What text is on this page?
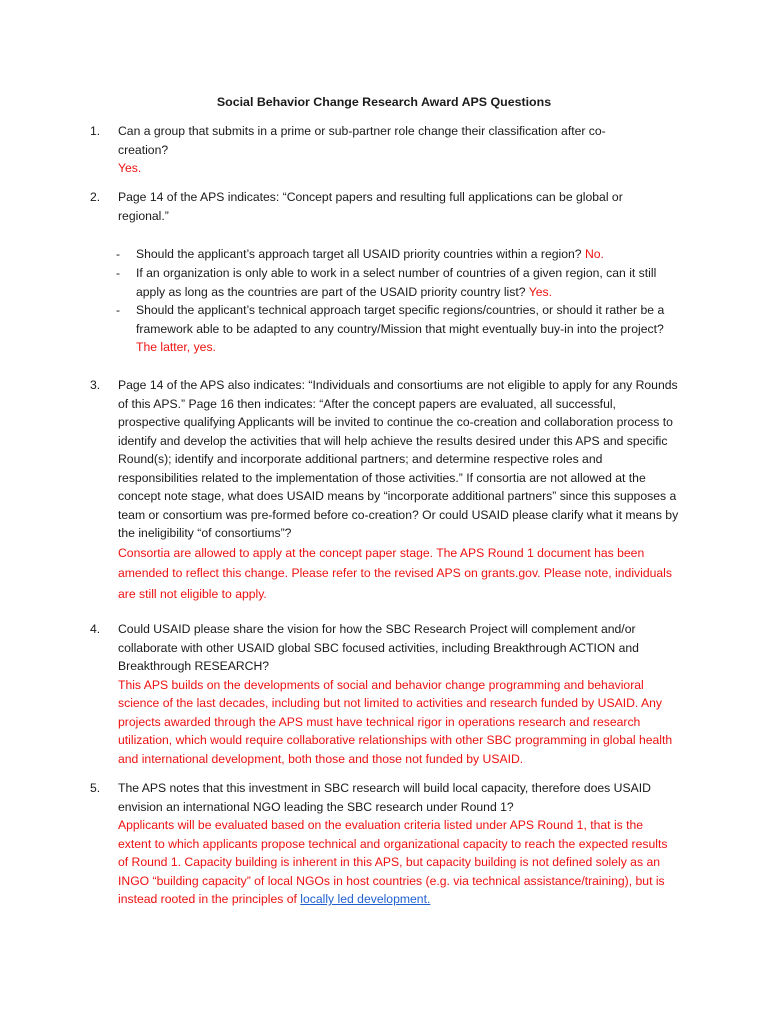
Social Behavior Change Research Award APS Questions
1. Can a group that submits in a prime or sub-partner role change their classification after co-creation?
Yes.
2. Page 14 of the APS indicates: “Concept papers and resulting full applications can be global or regional.”
- Should the applicant’s approach target all USAID priority countries within a region? No.
- If an organization is only able to work in a select number of countries of a given region, can it still apply as long as the countries are part of the USAID priority country list? Yes.
- Should the applicant’s technical approach target specific regions/countries, or should it rather be a framework able to be adapted to any country/Mission that might eventually buy-in into the project? The latter, yes.
3. Page 14 of the APS also indicates: “Individuals and consortiums are not eligible to apply for any Rounds of this APS.” Page 16 then indicates: “After the concept papers are evaluated, all successful, prospective qualifying Applicants will be invited to continue the co-creation and collaboration process to identify and develop the activities that will help achieve the results desired under this APS and specific Round(s); identify and incorporate additional partners; and determine respective roles and responsibilities related to the implementation of those activities.” If consortia are not allowed at the concept note stage, what does USAID means by “incorporate additional partners” since this supposes a team or consortium was pre-formed before co-creation? Or could USAID please clarify what it means by the ineligibility “of consortiums”?
Consortia are allowed to apply at the concept paper stage. The APS Round 1 document has been amended to reflect this change. Please refer to the revised APS on grants.gov. Please note, individuals are still not eligible to apply.
4. Could USAID please share the vision for how the SBC Research Project will complement and/or collaborate with other USAID global SBC focused activities, including Breakthrough ACTION and Breakthrough RESEARCH?
This APS builds on the developments of social and behavior change programming and behavioral science of the last decades, including but not limited to activities and research funded by USAID. Any projects awarded through the APS must have technical rigor in operations research and research utilization, which would require collaborative relationships with other SBC programming in global health and international development, both those and those not funded by USAID.
5. The APS notes that this investment in SBC research will build local capacity, therefore does USAID envision an international NGO leading the SBC research under Round 1?
Applicants will be evaluated based on the evaluation criteria listed under APS Round 1, that is the extent to which applicants propose technical and organizational capacity to reach the expected results of Round 1. Capacity building is inherent in this APS, but capacity building is not defined solely as an INGO “building capacity” of local NGOs in host countries (e.g. via technical assistance/training), but is instead rooted in the principles of locally led development.
